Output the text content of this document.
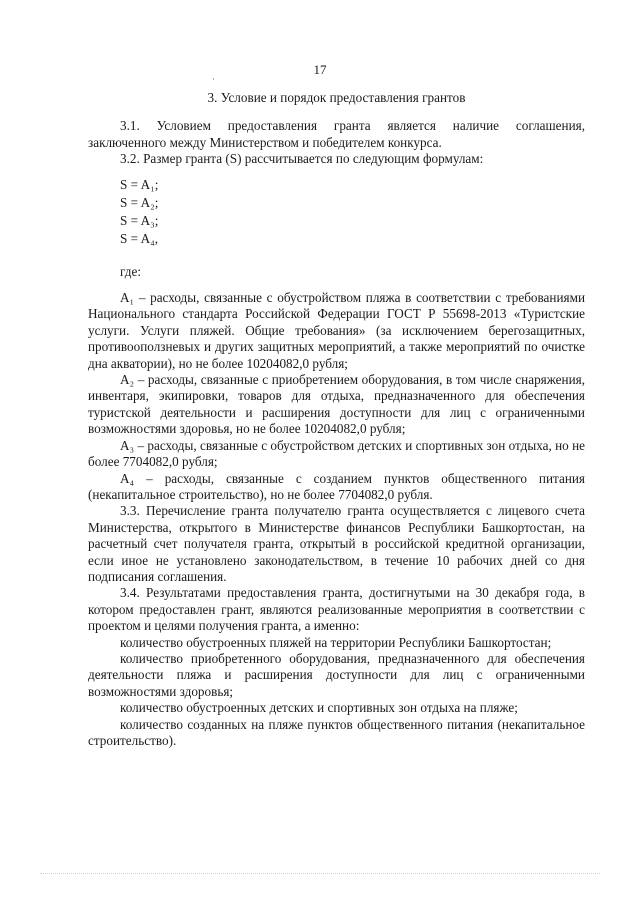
17
·
3. Условие и порядок предоставления грантов

3.1. Условием предоставления гранта является наличие соглашения, заключенного между Министерством и победителем конкурса.

3.2. Размер гранта (S) рассчитывается по следующим формулам:

S = A₁;
S = A₂;
S = A₃;
S = A₄,

где:

А₁ – расходы, связанные с обустройством пляжа в соответствии с требованиями Национального стандарта Российской Федерации ГОСТ Р 55698-2013 «Туристские услуги. Услуги пляжей. Общие требования» (за исключением берегозащитных, противооползневых и других защитных мероприятий, а также мероприятий по очистке дна акватории), но не более 10204082,0 рубля;

А₂ – расходы, связанные с приобретением оборудования, в том числе снаряжения, инвентаря, экипировки, товаров для отдыха, предназначенного для обеспечения туристской деятельности и расширения доступности для лиц с ограниченными возможностями здоровья, но не более 10204082,0 рубля;

А₃ – расходы, связанные с обустройством детских и спортивных зон отдыха, но не более 7704082,0 рубля;

А₄ – расходы, связанные с созданием пунктов общественного питания (некапитальное строительство), но не более 7704082,0 рубля.

3.3. Перечисление гранта получателю гранта осуществляется с лицевого счета Министерства, открытого в Министерстве финансов Республики Башкортостан, на расчетный счет получателя гранта, открытый в российской кредитной организации, если иное не установлено законодательством, в течение 10 рабочих дней со дня подписания соглашения.

3.4. Результатами предоставления гранта, достигнутыми на 30 декабря года, в котором предоставлен грант, являются реализованные мероприятия в соответствии с проектом и целями получения гранта, а именно:

количество обустроенных пляжей на территории Республики Башкортостан;

количество приобретенного оборудования, предназначенного для обеспечения деятельности пляжа и расширения доступности для лиц с ограниченными возможностями здоровья;

количество обустроенных детских и спортивных зон отдыха на пляже;

количество созданных на пляже пунктов общественного питания (некапитальное строительство).
